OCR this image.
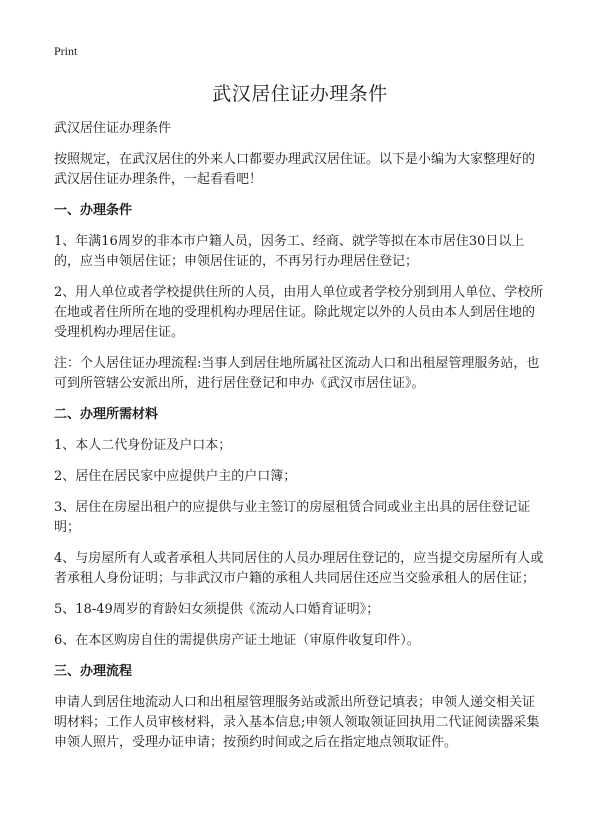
Print
武汉居住证办理条件

武汉居住证办理条件

按照规定，在武汉居住的外来人口都要办理武汉居住证。以下是小编为大家整理好的武汉居住证办理条件，一起看看吧！

一、办理条件

1、年满16周岁的非本市户籍人员，因务工、经商、就学等拟在本市居住30日以上的，应当申领居住证；申领居住证的，不再另行办理居住登记；

2、用人单位或者学校提供住所的人员，由用人单位或者学校分别到用人单位、学校所在地或者住所所在地的受理机构办理居住证。除此规定以外的人员由本人到居住地的受理机构办理居住证。

注：个人居住证办理流程:当事人到居住地所属社区流动人口和出租屋管理服务站，也可到所管辖公安派出所，进行居住登记和申办《武汉市居住证》。

二、办理所需材料

1、本人二代身份证及户口本；

2、居住在居民家中应提供户主的户口簿；

3、居住在房屋出租户的应提供与业主签订的房屋租赁合同或业主出具的居住登记证明；

4、与房屋所有人或者承租人共同居住的人员办理居住登记的，应当提交房屋所有人或者承租人身份证明；与非武汉市户籍的承租人共同居住还应当交验承租人的居住证；

5、18-49周岁的育龄妇女须提供《流动人口婚育证明》；

6、在本区购房自住的需提供房产证土地证（审原件收复印件）。

三、办理流程

申请人到居住地流动人口和出租屋管理服务站或派出所登记填表；申领人递交相关证明材料；工作人员审核材料，录入基本信息;申领人领取领证回执用二代证阅读器采集申领人照片，受理办证申请；按预约时间或之后在指定地点领取证件。
